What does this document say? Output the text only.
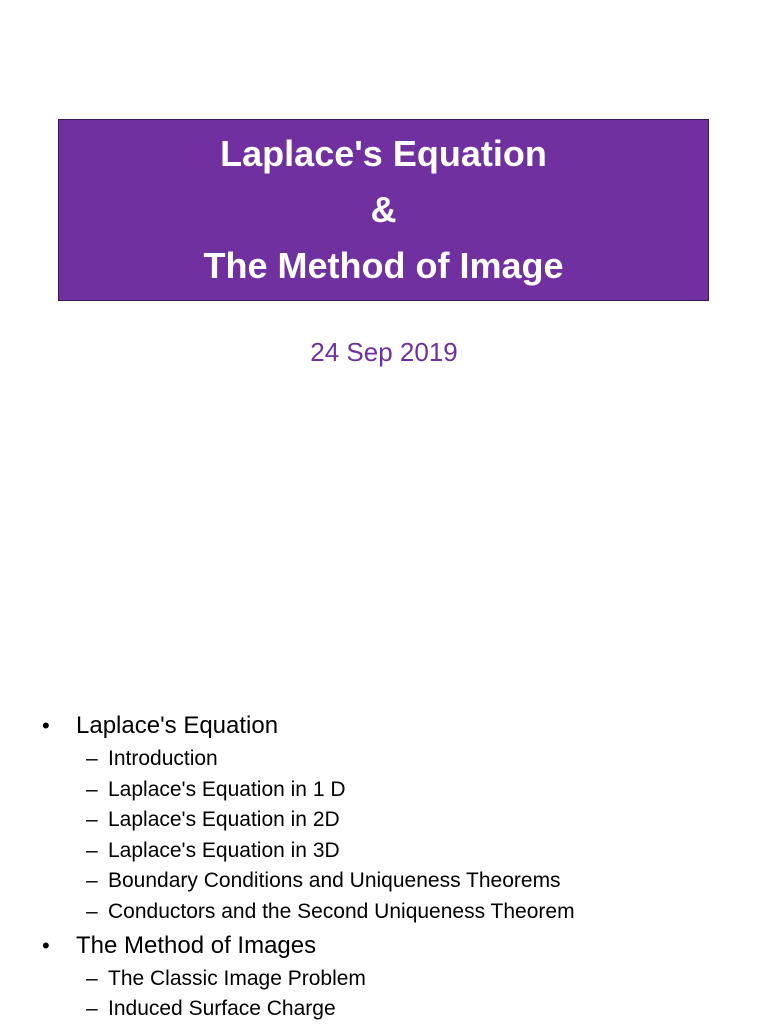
Laplace's Equation
&
The Method of Image
24 Sep 2019
•	Laplace's Equation
– Introduction
– Laplace's Equation in 1 D
– Laplace's Equation in 2D
– Laplace's Equation in 3D
– Boundary Conditions and Uniqueness Theorems
– Conductors and the Second Uniqueness Theorem
•	The Method of Images
– The Classic Image Problem
– Induced Surface Charge
